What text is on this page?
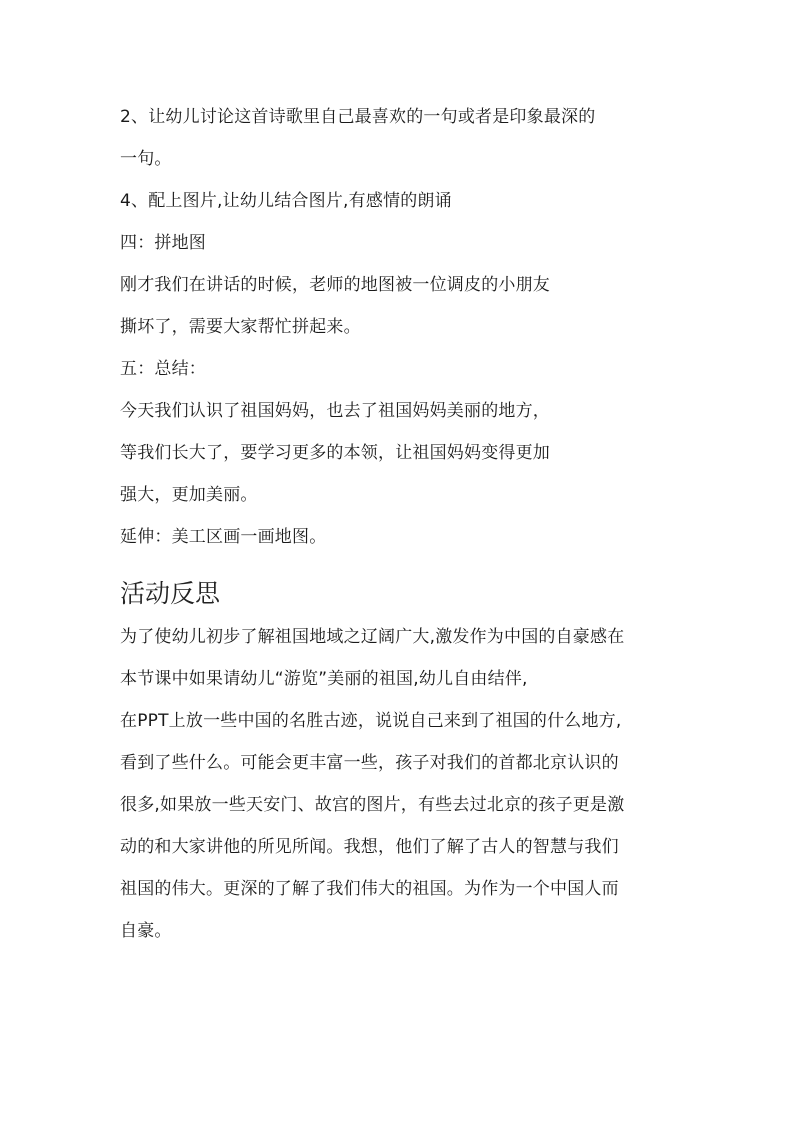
2、让幼儿讨论这首诗歌里自己最喜欢的一句或者是印象最深的
一句。
4、配上图片,让幼儿结合图片,有感情的朗诵
四：拼地图
刚才我们在讲话的时候，老师的地图被一位调皮的小朋友
撕坏了，需要大家帮忙拼起来。
五：总结：
今天我们认识了祖国妈妈，也去了祖国妈妈美丽的地方，
等我们长大了，要学习更多的本领，让祖国妈妈变得更加
强大，更加美丽。
延伸：美工区画一画地图。
活动反思
为了使幼儿初步了解祖国地域之辽阔广大,激发作为中国的自豪感在
本节课中如果请幼儿“游览”美丽的祖国,幼儿自由结伴,
在PPT上放一些中国的名胜古迹，说说自己来到了祖国的什么地方,
看到了些什么。可能会更丰富一些，孩子对我们的首都北京认识的
很多,如果放一些天安门、故宫的图片，有些去过北京的孩子更是激
动的和大家讲他的所见所闻。我想，他们了解了古人的智慧与我们
祖国的伟大。更深的了解了我们伟大的祖国。为作为一个中国人而
自豪。
